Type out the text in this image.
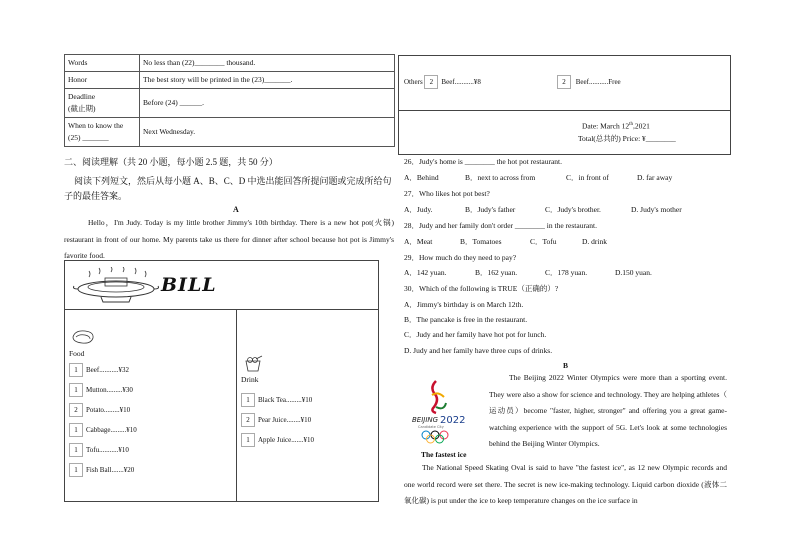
Words	No less than (22)________ thousand.
Honor	The best story will be printed in the (23)_______.

Deadline
(截止期)	Before (24) ______.

When to know the
(25) _______	Next Wednesday.
二、阅读理解（共 20 小题，每小题 2.5 题，共 50 分）
阅读下列短文，然后从每小题 A、B、C、D 中选出能回答所提问题或完成所给句子的最佳答案。
A
Hello，I'm Judy. Today is my little brother Jimmy's 10th birthday. There is a new hot pot(火锅) restaurant in front of our home. My parents take us there for dinner after school because hot pot is Jimmy's favorite food.
BILL
Food
1 Beef...........¥32
1 Mutton.........¥30
2 Potato.........¥10
1 Cabbage.........¥10
1 Tofu...........¥10
1 Fish Ball.......¥20
Drink
1 Black Tea.........¥10
2 Pear Juice........¥10
1 Apple Juice.......¥10
Others 2 Beef...........¥8	2 Beef...........Free
Date: March 12th,2021
Total(总共的) Price: ¥________
26．Judy's home is ________ the hot pot restaurant.
A．Behind	B．next to across from	C．in front of	D. far away
27．Who likes hot pot best?
A．Judy.	B．Judy's father	C．Judy's brother.	D. Judy's mother
28．Judy and her family don't order ________ in the restaurant.
A．Meat	B．Tomatoes	C．Tofu	D. drink
29．How much do they need to pay?
A．142 yuan.	B．162 yuan.	C．178 yuan.	D.150 yuan.
30．Which of the following is TRUE（正确的）?
A．Jimmy's birthday is on March 12th.
B．The pancake is free in the restaurant.
C．Judy and her family have hot pot for lunch.
D. Judy and her family have three cups of drinks.
B
BEIJING 2022
Candidate City
The Beijing 2022 Winter Olympics were more than a sporting event. They were also a show for science and technology. They are helping athletes（ 运动员）become "faster, higher, stronger" and offering you a great game-watching experience with the support of 5G. Let's look at some technologies behind the Beijing Winter Olympics.
The fastest ice
The National Speed Skating Oval is said to have "the fastest ice", as 12 new Olympic records and one world record were set there. The secret is new ice-making technology. Liquid carbon dioxide (液体二氧化碳) is put under the ice to keep temperature changes on the ice surface in
